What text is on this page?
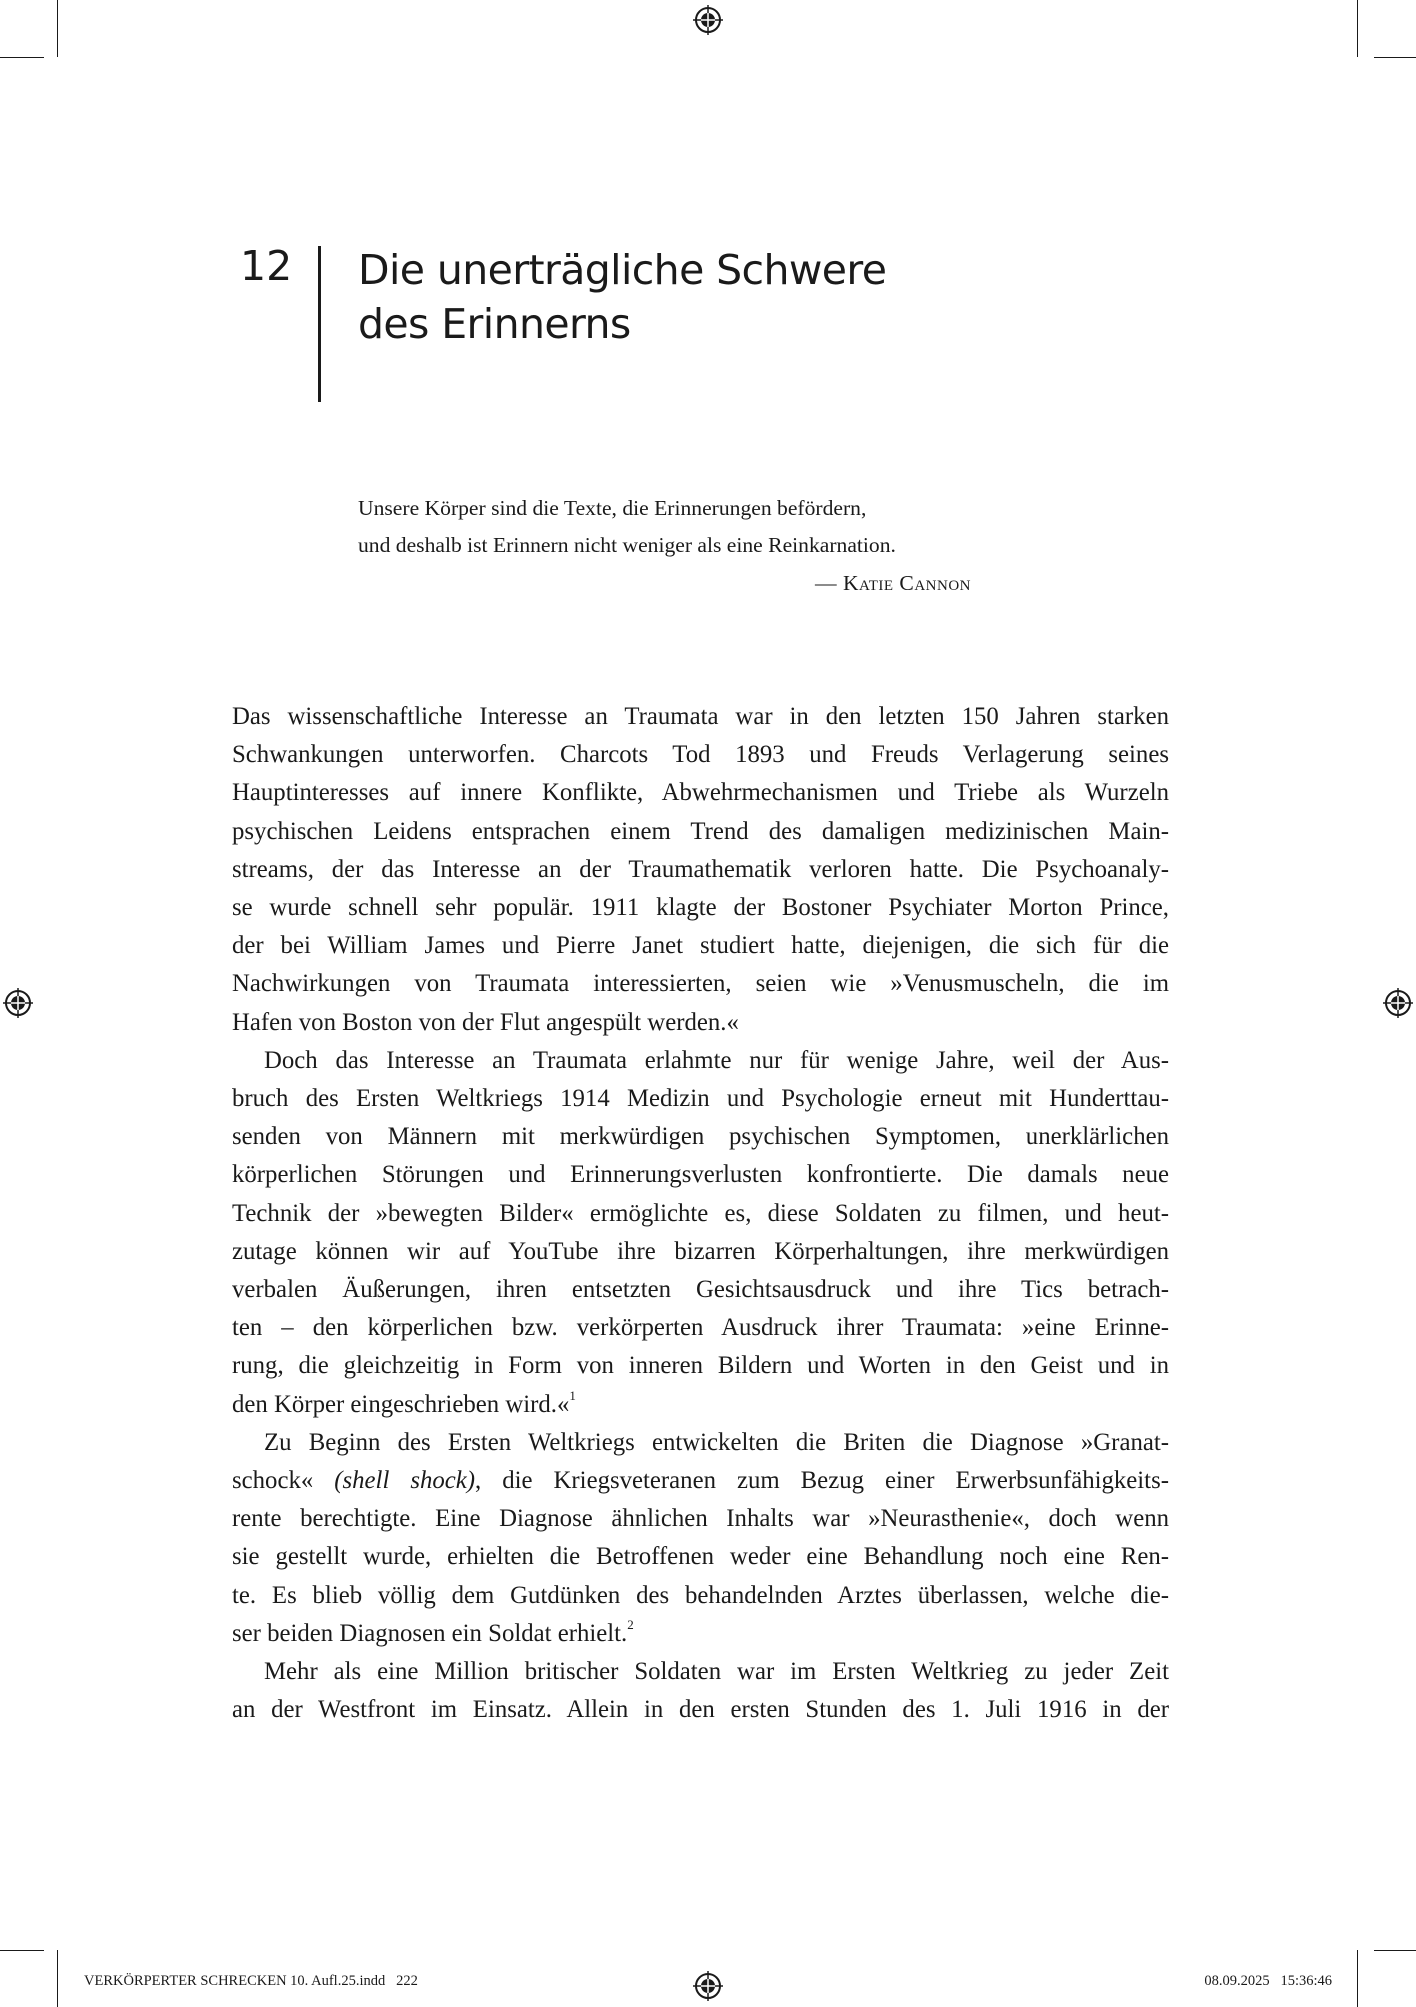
12 Die unerträgliche Schwere
des Erinnerns
Unsere Körper sind die Texte, die Erinnerungen befördern,
und deshalb ist Erinnern nicht weniger als eine Reinkarnation.
— Katie Cannon

Das wissenschaftliche Interesse an Traumata war in den letzten 150 Jahren starken
Schwankungen unterworfen. Charcots Tod 1893 und Freuds Verlagerung seines
Hauptinteresses auf innere Konflikte, Abwehrmechanismen und Triebe als Wurzeln
psychischen Leidens entsprachen einem Trend des damaligen medizinischen Main-
streams, der das Interesse an der Traumathematik verloren hatte. Die Psychoanaly-
se wurde schnell sehr populär. 1911 klagte der Bostoner Psychiater Morton Prince,
der bei William James und Pierre Janet studiert hatte, diejenigen, die sich für die
Nachwirkungen von Traumata interessierten, seien wie »Venusmuscheln, die im
Hafen von Boston von der Flut angespült werden.«

Doch das Interesse an Traumata erlahmte nur für wenige Jahre, weil der Aus-
bruch des Ersten Weltkriegs 1914 Medizin und Psychologie erneut mit Hunderttau-
senden von Männern mit merkwürdigen psychischen Symptomen, unerklärlichen
körperlichen Störungen und Erinnerungsverlusten konfrontierte. Die damals neue
Technik der »bewegten Bilder« ermöglichte es, diese Soldaten zu filmen, und heut-
zutage können wir auf YouTube ihre bizarren Körperhaltungen, ihre merkwürdigen
verbalen Äußerungen, ihren entsetzten Gesichtsausdruck und ihre Tics betrach-
ten – den körperlichen bzw. verkörperten Ausdruck ihrer Traumata: »eine Erinne-
rung, die gleichzeitig in Form von inneren Bildern und Worten in den Geist und in
den Körper eingeschrieben wird.«$^1$

Zu Beginn des Ersten Weltkriegs entwickelten die Briten die Diagnose »Granat-
schock« (shell shock), die Kriegsveteranen zum Bezug einer Erwerbsunfähigkeits-
rente berechtigte. Eine Diagnose ähnlichen Inhalts war »Neurasthenie«, doch wenn
sie gestellt wurde, erhielten die Betroffenen weder eine Behandlung noch eine Ren-
te. Es blieb völlig dem Gutdünken des behandelnden Arztes überlassen, welche die-
ser beiden Diagnosen ein Soldat erhielt.$^2$

Mehr als eine Million britischer Soldaten war im Ersten Weltkrieg zu jeder Zeit
an der Westfront im Einsatz. Allein in den ersten Stunden des 1. Juli 1916 in der

VERKÖRPERTER SCHRECKEN 10. Aufl.25.indd   222	08.09.2025   15:36:46
